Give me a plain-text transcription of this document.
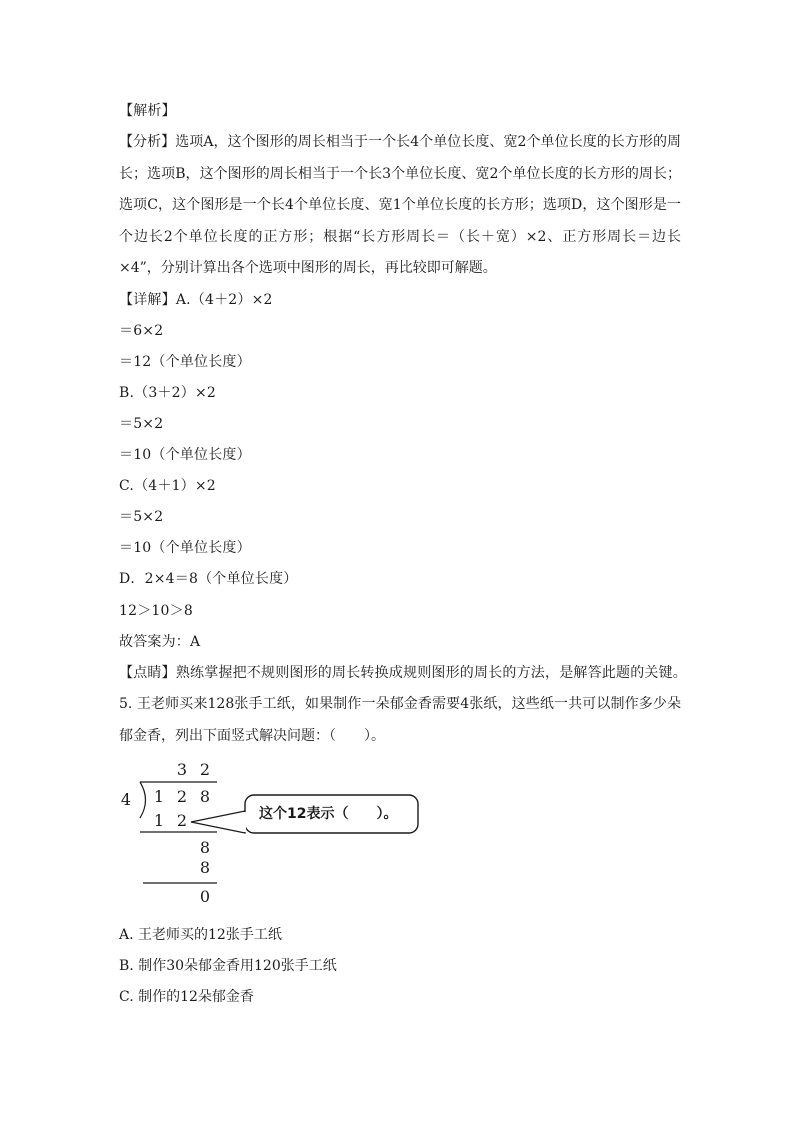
【解析】
【分析】选项A，这个图形的周长相当于一个长4个单位长度、宽2个单位长度的长方形的周长；选项B，这个图形的周长相当于一个长3个单位长度、宽2个单位长度的长方形的周长；选项C，这个图形是一个长4个单位长度、宽1个单位长度的长方形；选项D，这个图形是一个边长2个单位长度的正方形；根据“长方形周长＝（长＋宽）×2、正方形周长＝边长×4”，分别计算出各个选项中图形的周长，再比较即可解题。
【详解】A.（4＋2）×2
＝6×2
＝12（个单位长度）
B.（3＋2）×2
＝5×2
＝10（个单位长度）
C.（4＋1）×2
＝5×2
＝10（个单位长度）
D．2×4＝8（个单位长度）
12＞10＞8
故答案为：A
【点睛】熟练掌握把不规则图形的周长转换成规则图形的周长的方法，是解答此题的关键。
5. 王老师买来128张手工纸，如果制作一朵郁金香需要4张纸，这些纸一共可以制作多少朵郁金香，列出下面竖式解决问题：（　　）。
3 2
4 1 2 8
1 2
8
8
0
这个12表示（　　）。
A. 王老师买的12张手工纸
B. 制作30朵郁金香用120张手工纸
C. 制作的12朵郁金香
